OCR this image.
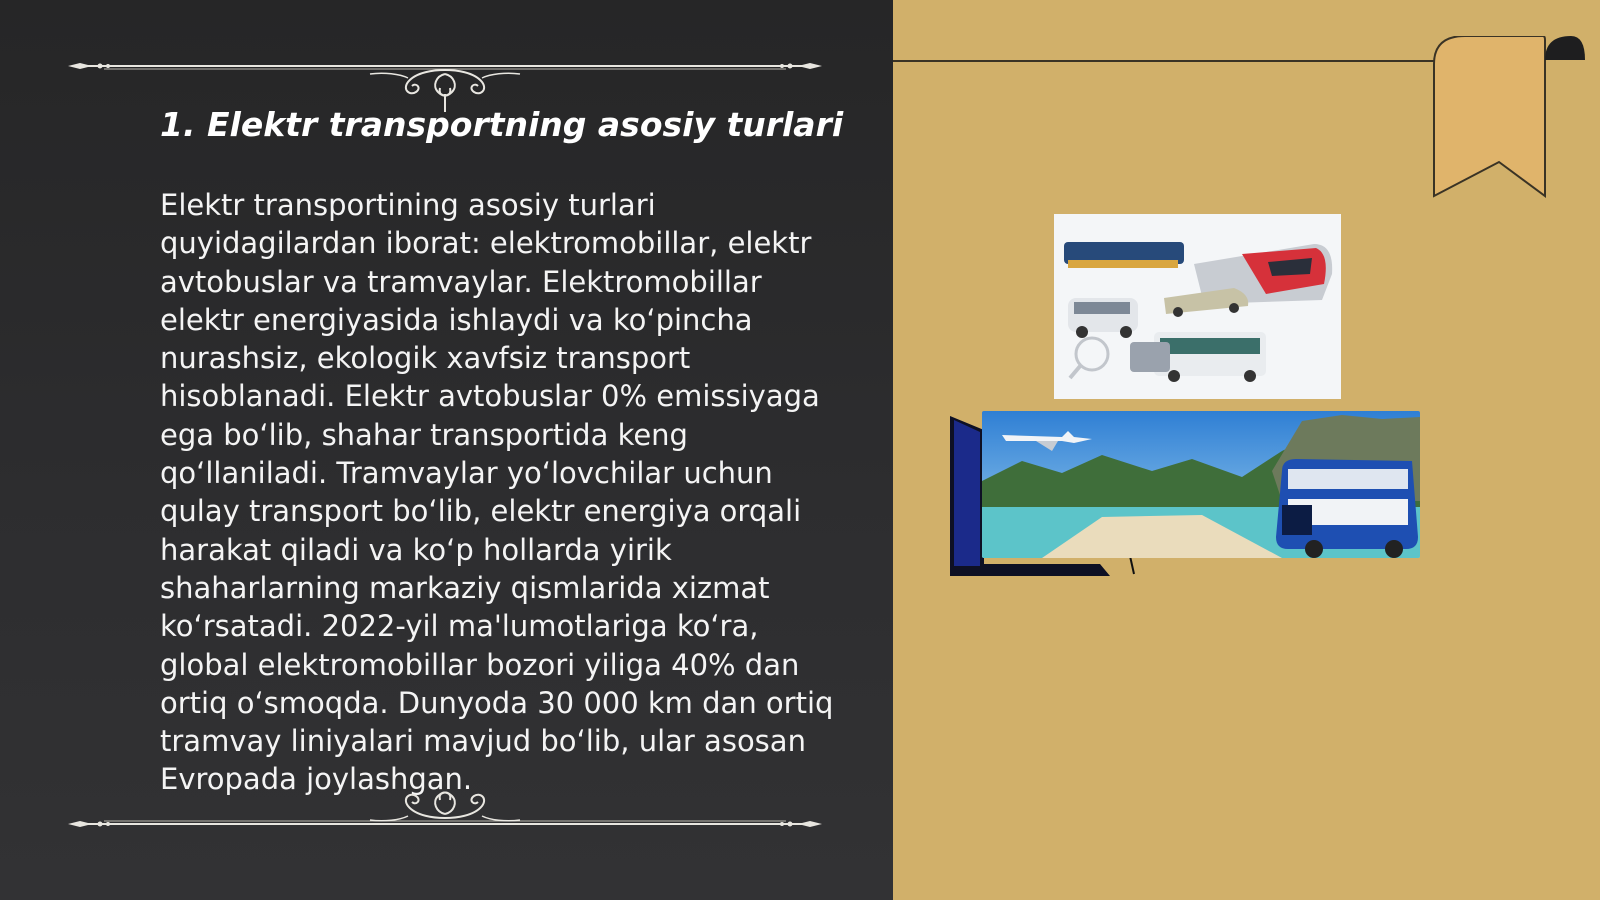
1. Elektr transportning asosiy turlari

Elektr transportining asosiy turlari quyidagilardan iborat: elektromobillar, elektr avtobuslar va tramvaylar. Elektromobillar elektr energiyasida ishlaydi va ko‘pincha nurashsiz, ekologik xavfsiz transport hisoblanadi. Elektr avtobuslar 0% emissiyaga ega bo‘lib, shahar transportida keng qo‘llaniladi. Tramvaylar yo‘lovchilar uchun qulay transport bo‘lib, elektr energiya orqali harakat qiladi va ko‘p hollarda yirik shaharlarning markaziy qismlarida xizmat ko‘rsatadi. 2022-yil ma'lumotlariga ko‘ra, global elektromobillar bozori yiliga 40% dan ortiq o‘smoqda. Dunyoda 30 000 km dan ortiq tramvay liniyalari mavjud bo‘lib, ular asosan Evropada joylashgan.
